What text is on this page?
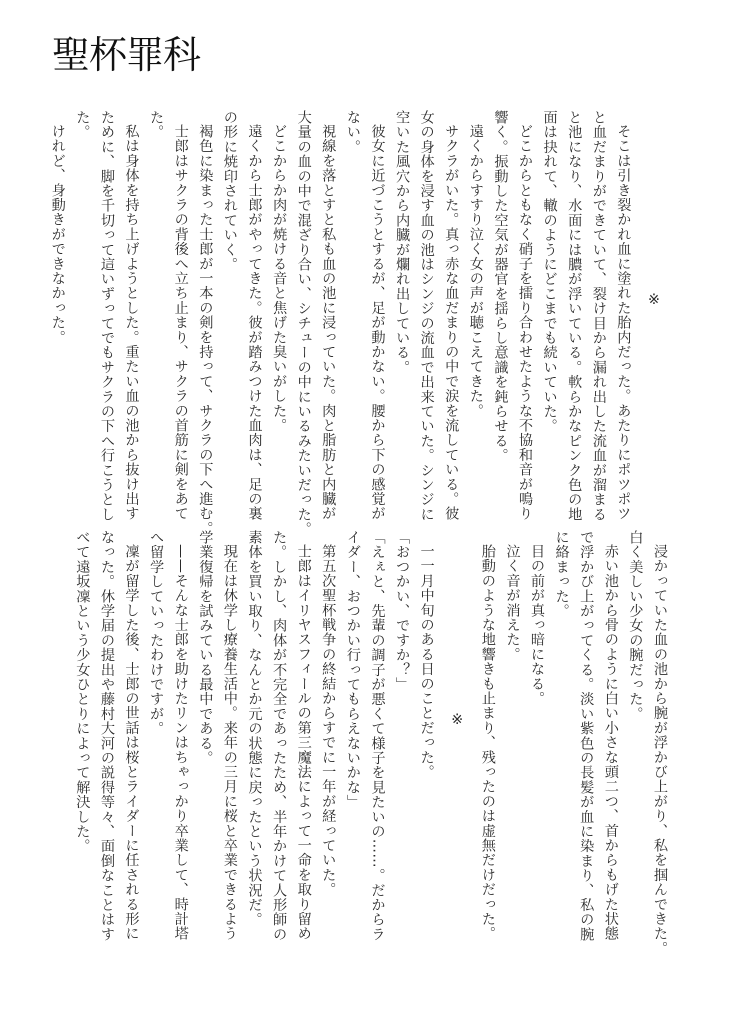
聖杯罪科
※
そこは引き裂かれ血に塗れた胎内だった。あたりにポツポツ
と血だまりができていて、裂け目から漏れ出した流血が溜まる
と池になり、水面には膿が浮いている。軟らかなピンク色の地
面は抉れて、轍のようにどこまでも続いていた。
どこからともなく硝子を擂り合わせたような不協和音が鳴り
響く。振動した空気が器官を揺らし意識を鈍らせる。
遠くからすすり泣く女の声が聴こえてきた。
サクラがいた。真っ赤な血だまりの中で涙を流している。彼
女の身体を浸す血の池はシンジの流血で出来ていた。シンジに
空いた風穴から内臓が爛れ出している。
彼女に近づこうとするが、足が動かない。腰から下の感覚が
ない。
視線を落とすと私も血の池に浸っていた。肉と脂肪と内臓が
大量の血の中で混ざり合い、シチューの中にいるみたいだった。
どこからか肉が焼ける音と焦げた臭いがした。
遠くから士郎がやってきた。彼が踏みつけた血肉は、足の裏
の形に焼印されていく。
褐色に染まった士郎が一本の剣を持って、サクラの下へ進む。
士郎はサクラの背後へ立ち止まり、サクラの首筋に剣をあて
た。
私は身体を持ち上げようとした。重たい血の池から抜け出す
ために、脚を千切って這いずってでもサクラの下へ行こうとし
た。
けれど、身動きができなかった。
浸かっていた血の池から腕が浮かび上がり、私を掴んできた。
白く美しい少女の腕だった。
赤い池から骨のように白い小さな頭二つ、首からもげた状態
で浮かび上がってくる。淡い紫色の長髪が血に染まり、私の腕
に絡まった。
目の前が真っ暗になる。
泣く音が消えた。
胎動のような地響きも止まり、残ったのは虚無だけだった。
※
一一月中旬のある日のことだった。
「おつかい、ですか？」
「えぇと、先輩の調子が悪くて様子を見たいの……。だからラ
イダー、おつかい行ってもらえないかな」
第五次聖杯戦争の終結からすでに一年が経っていた。
士郎はイリヤスフィールの第三魔法によって一命を取り留め
た。しかし、肉体が不完全であったため、半年かけて人形師の
素体を買い取り、なんとか元の状態に戻ったという状況だ。
現在は休学し療養生活中。来年の三月に桜と卒業できるよう
学業復帰を試みている最中である。
——そんな士郎を助けたリンはちゃっかり卒業して、時計塔
へ留学していったわけですが。
凜が留学した後、士郎の世話は桜とライダーに任される形に
なった。休学届の提出や藤村大河の説得等々、面倒なことはす
べて遠坂凜という少女ひとりによって解決した。
